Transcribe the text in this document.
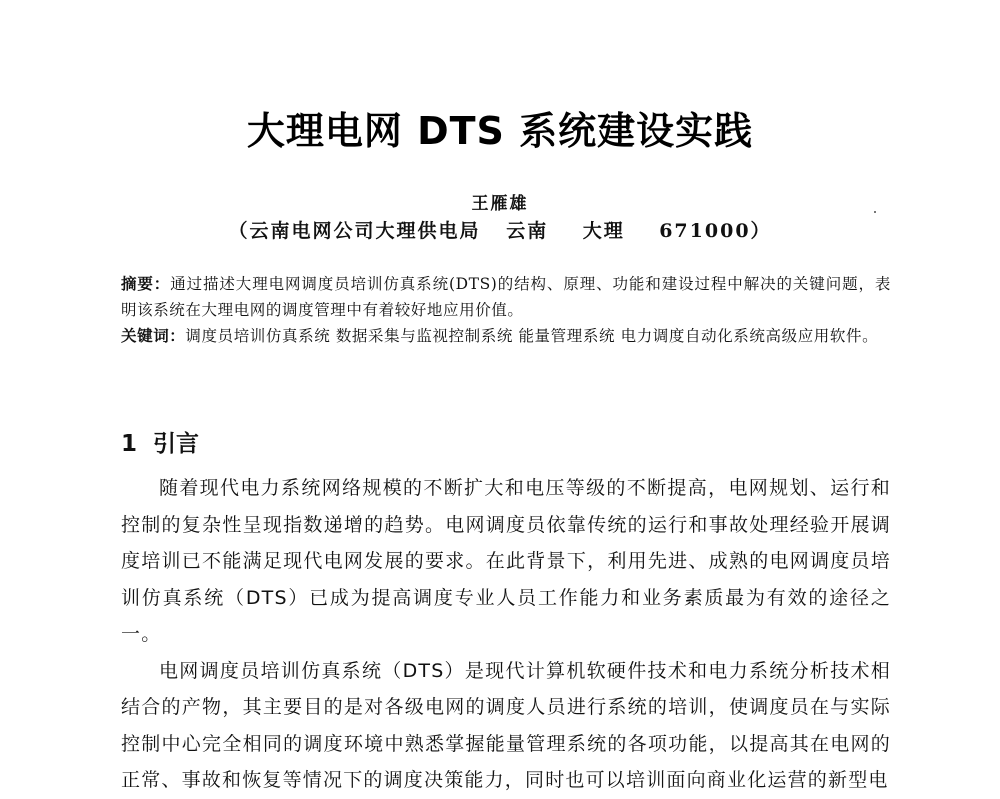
大理电网 DTS 系统建设实践
王雁雄
（云南电网公司大理供电局   云南    大理    671000）

摘要：通过描述大理电网调度员培训仿真系统(DTS)的结构、原理、功能和建设过程中解决的关键问题，表明该系统在大理电网的调度管理中有着较好地应用价值。

关键词：调度员培训仿真系统 数据采集与监视控制系统 能量管理系统 电力调度自动化系统高级应用软件。

1  引言

随着现代电力系统网络规模的不断扩大和电压等级的不断提高，电网规划、运行和控制的复杂性呈现指数递增的趋势。电网调度员依靠传统的运行和事故处理经验开展调度培训已不能满足现代电网发展的要求。在此背景下，利用先进、成熟的电网调度员培训仿真系统（DTS）已成为提高调度专业人员工作能力和业务素质最为有效的途径之一。

电网调度员培训仿真系统（DTS）是现代计算机软硬件技术和电力系统分析技术相结合的产物，其主要目的是对各级电网的调度人员进行系统的培训，使调度员在与实际控制中心完全相同的调度环境中熟悉掌握能量管理系统的各项功能，以提高其在电网的正常、事故和恢复等情况下的调度决策能力，同时也可以培训面向商业化运营的新型电
